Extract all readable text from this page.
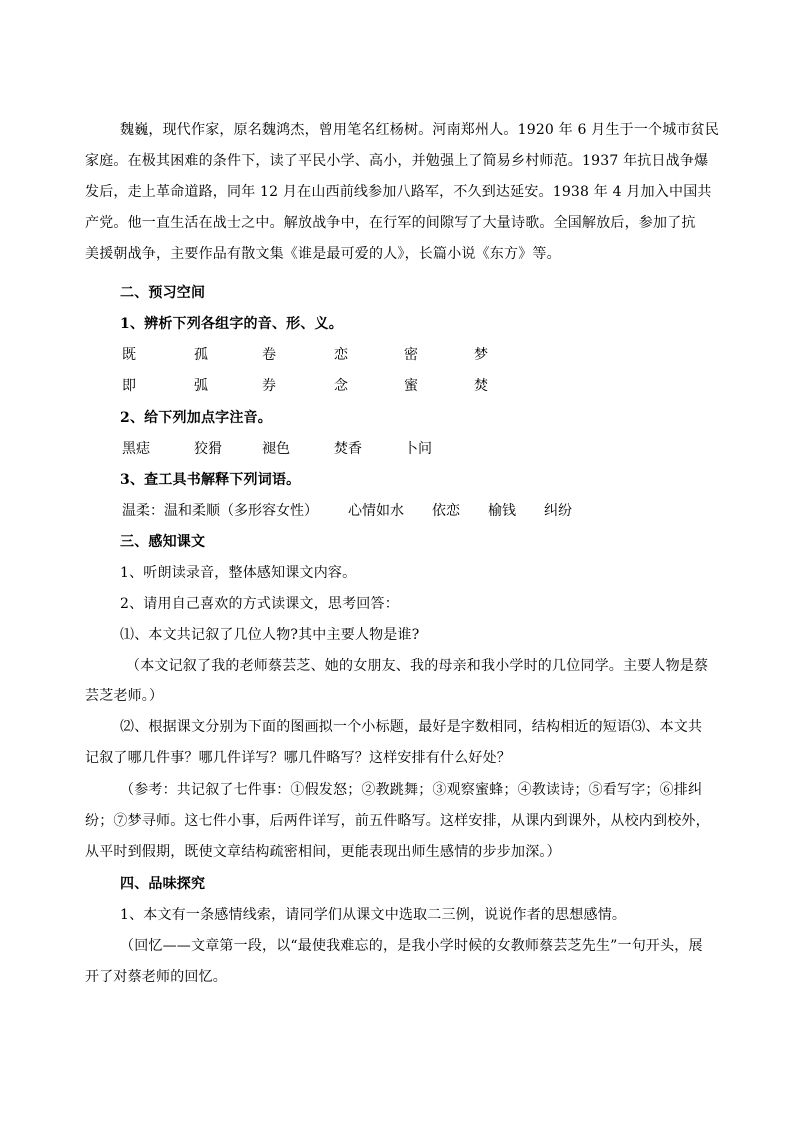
魏巍，现代作家，原名魏鸿杰，曾用笔名红杨树。河南郑州人。1920 年 6 月生于一个城市贫民
家庭。在极其困难的条件下，读了平民小学、高小，并勉强上了简易乡村师范。1937 年抗日战争爆
发后，走上革命道路，同年 12 月在山西前线参加八路军，不久到达延安。1938 年 4 月加入中国共
产党。他一直生活在战士之中。解放战争中，在行军的间隙写了大量诗歌。全国解放后，参加了抗
美援朝战争，主要作品有散文集《谁是最可爱的人》，长篇小说《东方》等。
二、预习空间
1、辨析下列各组字的音、形、义。
既	孤	卷	恋	密	梦
即	弧	券	念	蜜	焚
2、给下列加点字注音。
黑痣	狡猾	褪色	焚香	卜问
3、查工具书解释下列词语。
温柔：温和柔顺（多形容女性） 心情如水 依恋 榆钱 纠纷
三、感知课文
1、听朗读录音，整体感知课文内容。
2、请用自己喜欢的方式读课文，思考回答：
⑴、本文共记叙了几位人物?其中主要人物是谁?
（本文记叙了我的老师蔡芸芝、她的女朋友、我的母亲和我小学时的几位同学。主要人物是蔡
芸芝老师。）
⑵、根据课文分别为下面的图画拟一个小标题，最好是字数相同，结构相近的短语⑶、本文共
记叙了哪几件事？哪几件详写？哪几件略写？这样安排有什么好处？
（参考：共记叙了七件事：①假发怒；②教跳舞；③观察蜜蜂；④教读诗；⑤看写字；⑥排纠
纷；⑦梦寻师。这七件小事，后两件详写，前五件略写。这样安排，从课内到课外，从校内到校外，
从平时到假期，既使文章结构疏密相间，更能表现出师生感情的步步加深。）
四、品味探究
1、本文有一条感情线索，请同学们从课文中选取二三例，说说作者的思想感情。
（回忆——文章第一段，以“最使我难忘的，是我小学时候的女教师蔡芸芝先生”一句开头，展
开了对蔡老师的回忆。
